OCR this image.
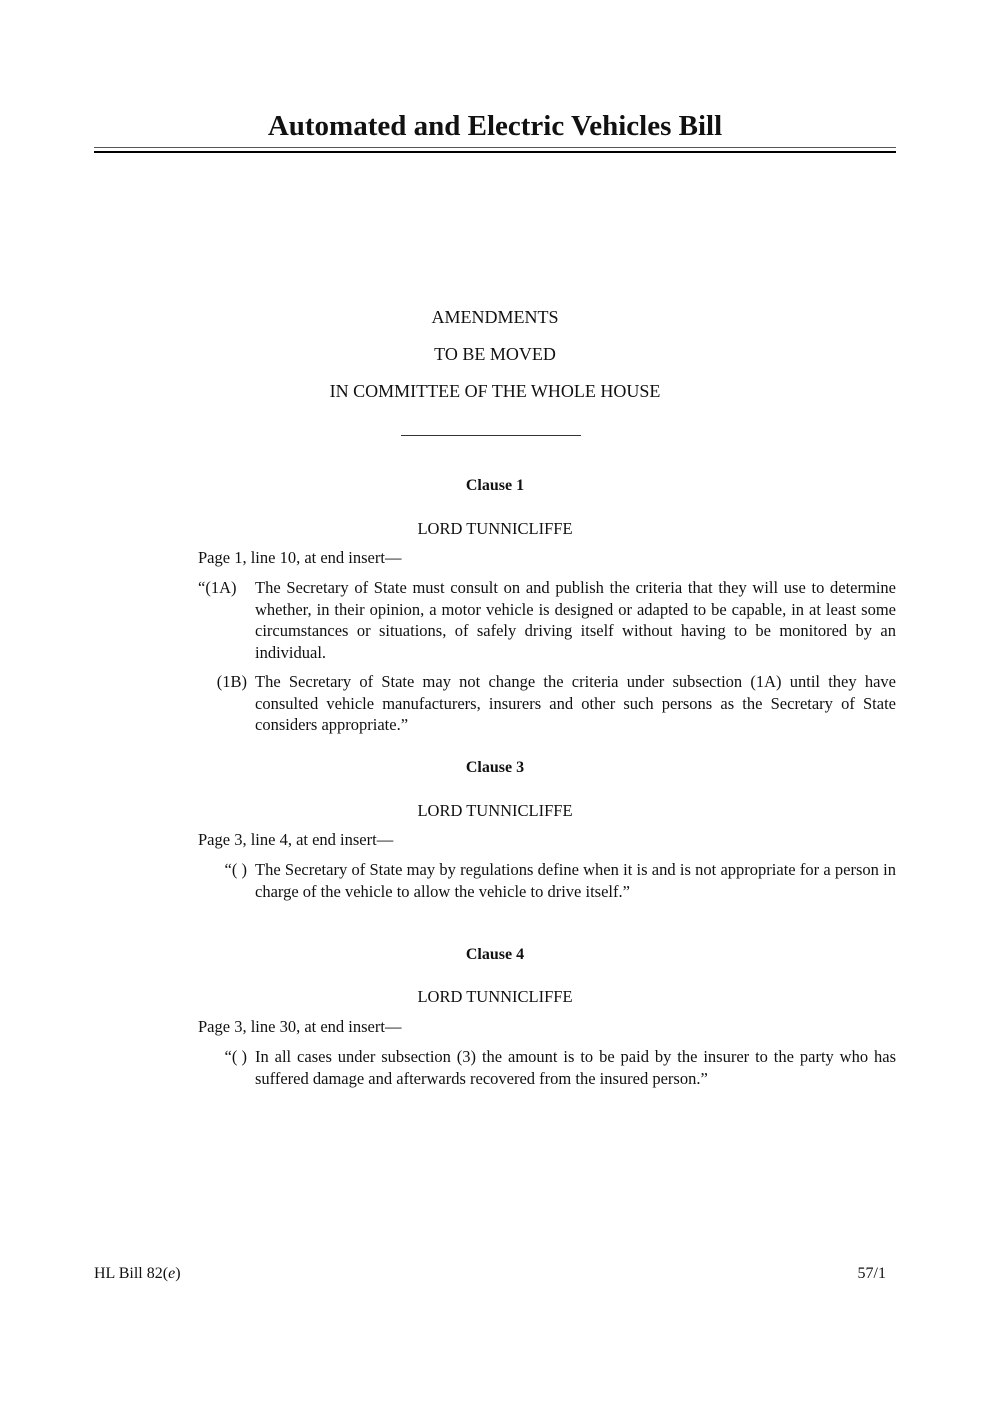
Automated and Electric Vehicles Bill
AMENDMENTS
TO BE MOVED
IN COMMITTEE OF THE WHOLE HOUSE
Clause 1
LORD TUNNICLIFFE
Page 1, line 10, at end insert—
“(1A)	The Secretary of State must consult on and publish the criteria that they will use to determine whether, in their opinion, a motor vehicle is designed or adapted to be capable, in at least some circumstances or situations, of safely driving itself without having to be monitored by an individual.
(1B) The Secretary of State may not change the criteria under subsection (1A) until they have consulted vehicle manufacturers, insurers and other such persons as the Secretary of State considers appropriate.”
Clause 3
LORD TUNNICLIFFE
Page 3, line 4, at end insert—
“( ) The Secretary of State may by regulations define when it is and is not appropriate for a person in charge of the vehicle to allow the vehicle to drive itself.”
Clause 4
LORD TUNNICLIFFE
Page 3, line 30, at end insert—
“( ) In all cases under subsection (3) the amount is to be paid by the insurer to the party who has suffered damage and afterwards recovered from the insured person.”
HL Bill 82(e)	57/1
